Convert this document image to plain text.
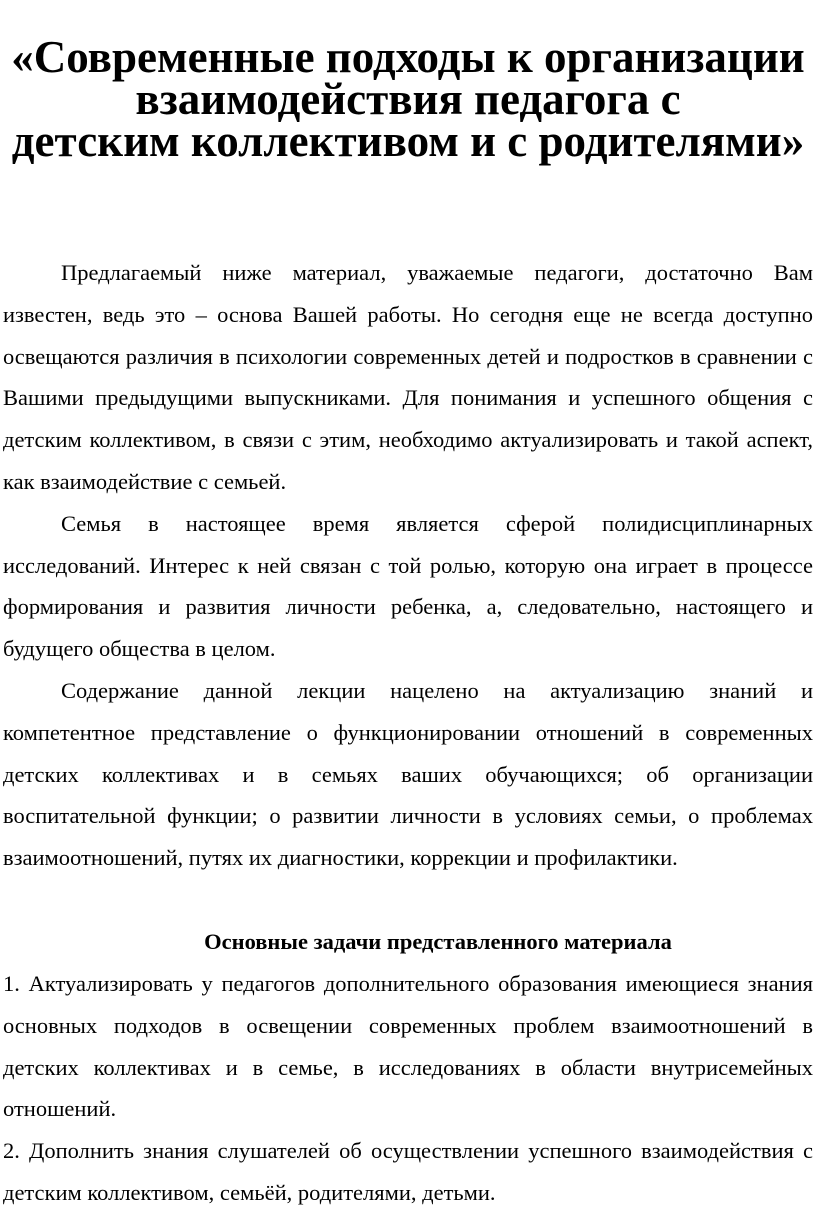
«Современные подходы к организации взаимодействия педагога с
детским коллективом и с родителями»

Предлагаемый ниже материал, уважаемые педагоги, достаточно Вам известен, ведь это – основа Вашей работы. Но сегодня еще не всегда доступно освещаются различия в психологии современных детей и подростков в сравнении с Вашими предыдущими выпускниками. Для понимания и успешного общения с детским коллективом, в связи с этим, необходимо актуализировать и такой аспект, как взаимодействие с семьей.

Семья в настоящее время является сферой полидисциплинарных исследований. Интерес к ней связан с той ролью, которую она играет в процессе формирования и развития личности ребенка, а, следовательно, настоящего и будущего общества в целом.

Содержание данной лекции нацелено на актуализацию знаний и компетентное представление о функционировании отношений в современных детских коллективах и в семьях ваших обучающихся; об организации воспитательной функции; о развитии личности в условиях семьи, о проблемах взаимоотношений, путях их диагностики, коррекции и профилактики.

Основные задачи представленного материала

1. Актуализировать у педагогов дополнительного образования имеющиеся знания основных подходов в освещении современных проблем взаимоотношений в детских коллективах и в семье, в исследованиях в области внутрисемейных отношений.

2. Дополнить знания слушателей об осуществлении успешного взаимодействия с детским коллективом, семьёй, родителями, детьми.
